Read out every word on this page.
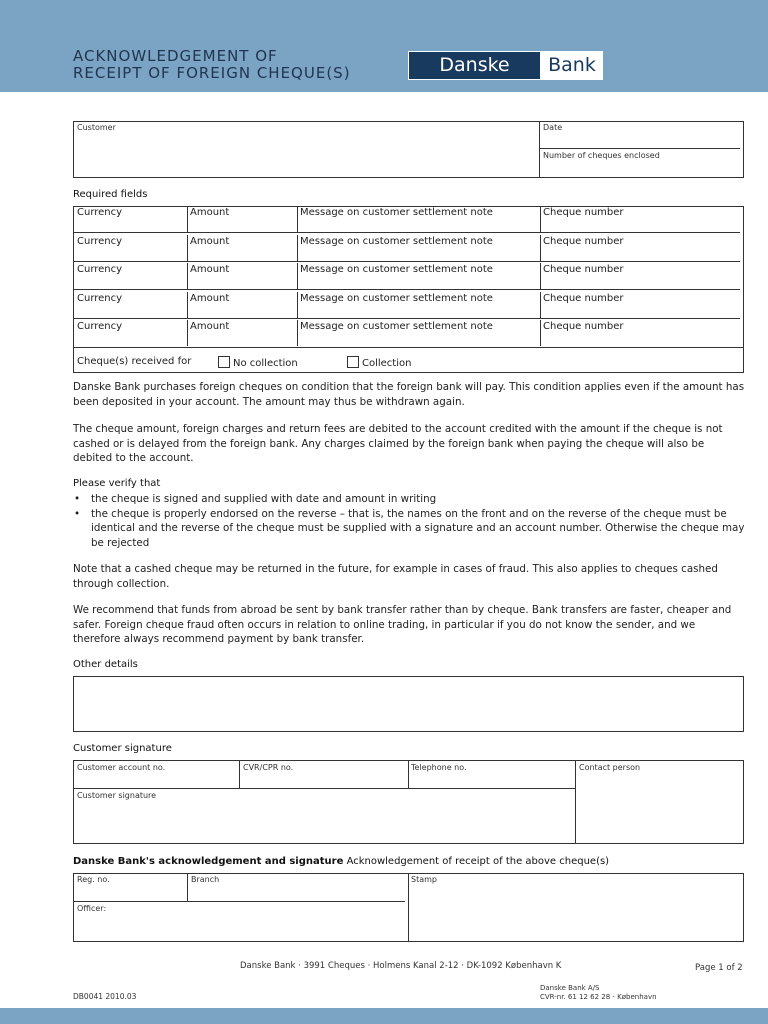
ACKNOWLEDGEMENT OF
RECEIPT OF FOREIGN CHEQUE(S)	Danske	Bank
Customer	Date
Number of cheques enclosed
Required fields
Currency	Amount	Message on customer settlement note	Cheque number
Currency	Amount	Message on customer settlement note	Cheque number
Currency	Amount	Message on customer settlement note	Cheque number
Currency	Amount	Message on customer settlement note	Cheque number
Currency	Amount	Message on customer settlement note	Cheque number
Cheque(s) received for	No collection	Collection
Danske Bank purchases foreign cheques on condition that the foreign bank will pay. This condition applies even if the amount has been deposited in your account. The amount may thus be withdrawn again.
The cheque amount, foreign charges and return fees are debited to the account credited with the amount if the cheque is not cashed or is delayed from the foreign bank. Any charges claimed by the foreign bank when paying the cheque will also be debited to the account.
Please verify that
• the cheque is signed and supplied with date and amount in writing
• the cheque is properly endorsed on the reverse – that is, the names on the front and on the reverse of the cheque must be identical and the reverse of the cheque must be supplied with a signature and an account number. Otherwise the cheque may be rejected
Note that a cashed cheque may be returned in the future, for example in cases of fraud. This also applies to cheques cashed through collection.
We recommend that funds from abroad be sent by bank transfer rather than by cheque. Bank transfers are faster, cheaper and safer. Foreign cheque fraud often occurs in relation to online trading, in particular if you do not know the sender, and we therefore always recommend payment by bank transfer.
Other details
Customer signature
Customer account no.	CVR/CPR no.	Telephone no.	Contact person
Customer signature
Danske Bank's acknowledgement and signature Acknowledgement of receipt of the above cheque(s)
Reg. no.	Branch	Stamp
Officer:
Danske Bank · 3991 Cheques · Holmens Kanal 2-12 · DK-1092 København K	Page 1 of 2
DB0041 2010.03
Danske Bank A/S
CVR-nr. 61 12 62 28 - København
